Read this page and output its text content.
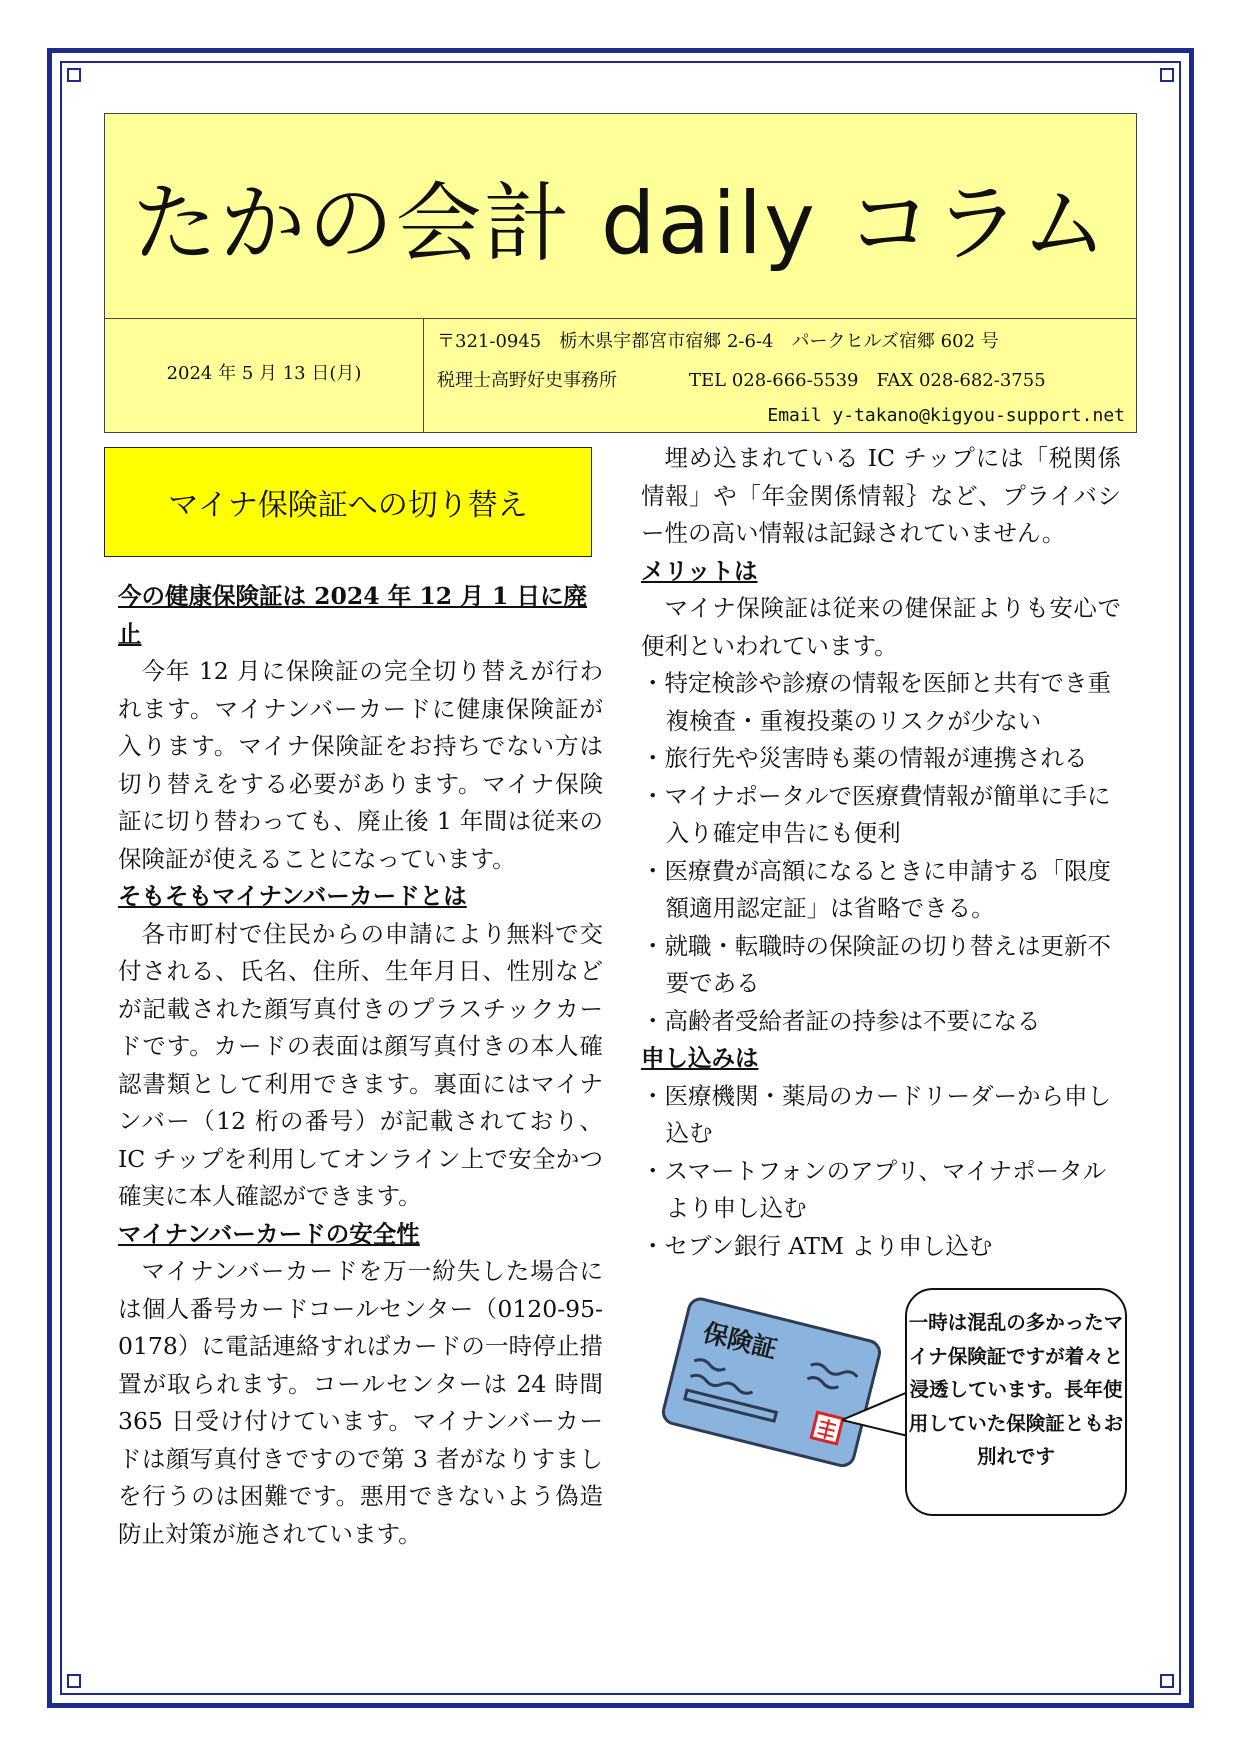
たかの会計 daily コラム
2024 年 5 月 13 日(月)
〒321-0945　栃木県宇都宮市宿郷 2-6-4　パークヒルズ宿郷 602 号
税理士高野好史事務所　　　　TEL 028-666-5539　FAX 028-682-3755
Email y-takano@kigyou-support.net
マイナ保険証への切り替え
今の健康保険証は 2024 年 12 月 1 日に廃止
今年 12 月に保険証の完全切り替えが行われます。マイナンバーカードに健康保険証が入ります。マイナ保険証をお持ちでない方は切り替えをする必要があります。マイナ保険証に切り替わっても、廃止後 1 年間は従来の保険証が使えることになっています。
そもそもマイナンバーカードとは
各市町村で住民からの申請により無料で交付される、氏名、住所、生年月日、性別などが記載された顔写真付きのプラスチックカードです。カードの表面は顔写真付きの本人確認書類として利用できます。裏面にはマイナンバー（12 桁の番号）が記載されており、IC チップを利用してオンライン上で安全かつ確実に本人確認ができます。
マイナンバーカードの安全性
マイナンバーカードを万一紛失した場合には個人番号カードコールセンター（0120-95-0178）に電話連絡すればカードの一時停止措置が取られます。コールセンターは 24 時間 365 日受け付けています。マイナンバーカードは顔写真付きですので第 3 者がなりすましを行うのは困難です。悪用できないよう偽造防止対策が施されています。
埋め込まれている IC チップには「税関係情報」や「年金関係情報｝など、プライバシー性の高い情報は記録されていません。
メリットは
マイナ保険証は従来の健保証よりも安心で便利といわれています。
・特定検診や診療の情報を医師と共有でき重複検査・重複投薬のリスクが少ない
・旅行先や災害時も薬の情報が連携される
・マイナポータルで医療費情報が簡単に手に入り確定申告にも便利
・医療費が高額になるときに申請する「限度額適用認定証」は省略できる。
・就職・転職時の保険証の切り替えは更新不要である
・高齢者受給者証の持参は不要になる
申し込みは
・医療機関・薬局のカードリーダーから申し込む
・スマートフォンのアプリ、マイナポータルより申し込む
・セブン銀行 ATM より申し込む
保険証	一時は混乱の多かったマイナ保険証ですが着々と浸透しています。長年使用していた保険証ともお別れです
